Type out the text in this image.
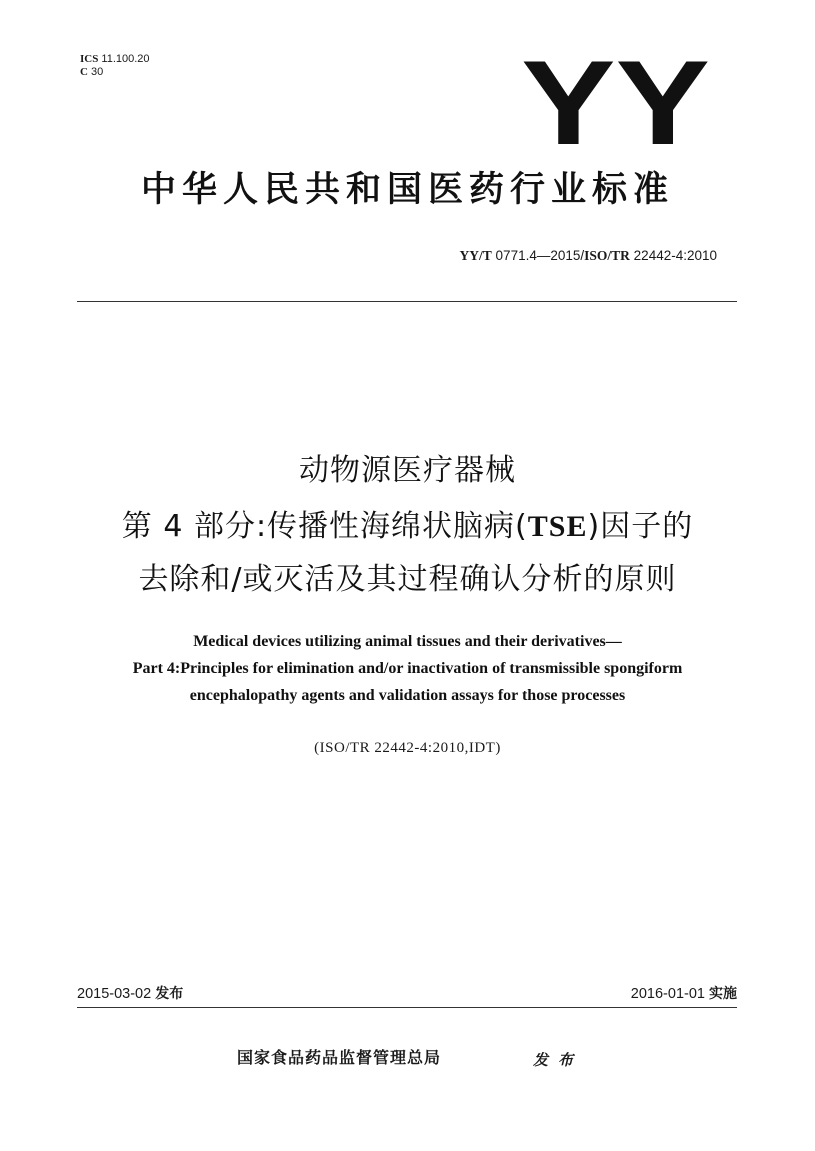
ICS 11.100.20
C 30	YY
中华人民共和国医药行业标准
YY/T 0771.4—2015/ISO/TR 22442-4:2010
动物源医疗器械
第 4 部分:传播性海绵状脑病(TSE)因子的
去除和/或灭活及其过程确认分析的原则
Medical devices utilizing animal tissues and their derivatives—
Part 4:Principles for elimination and/or inactivation of transmissible spongiform
encephalopathy agents and validation assays for those processes
(ISO/TR 22442-4:2010,IDT)
2015-03-02 发布	2016-01-01 实施
国家食品药品监督管理总局	发布
